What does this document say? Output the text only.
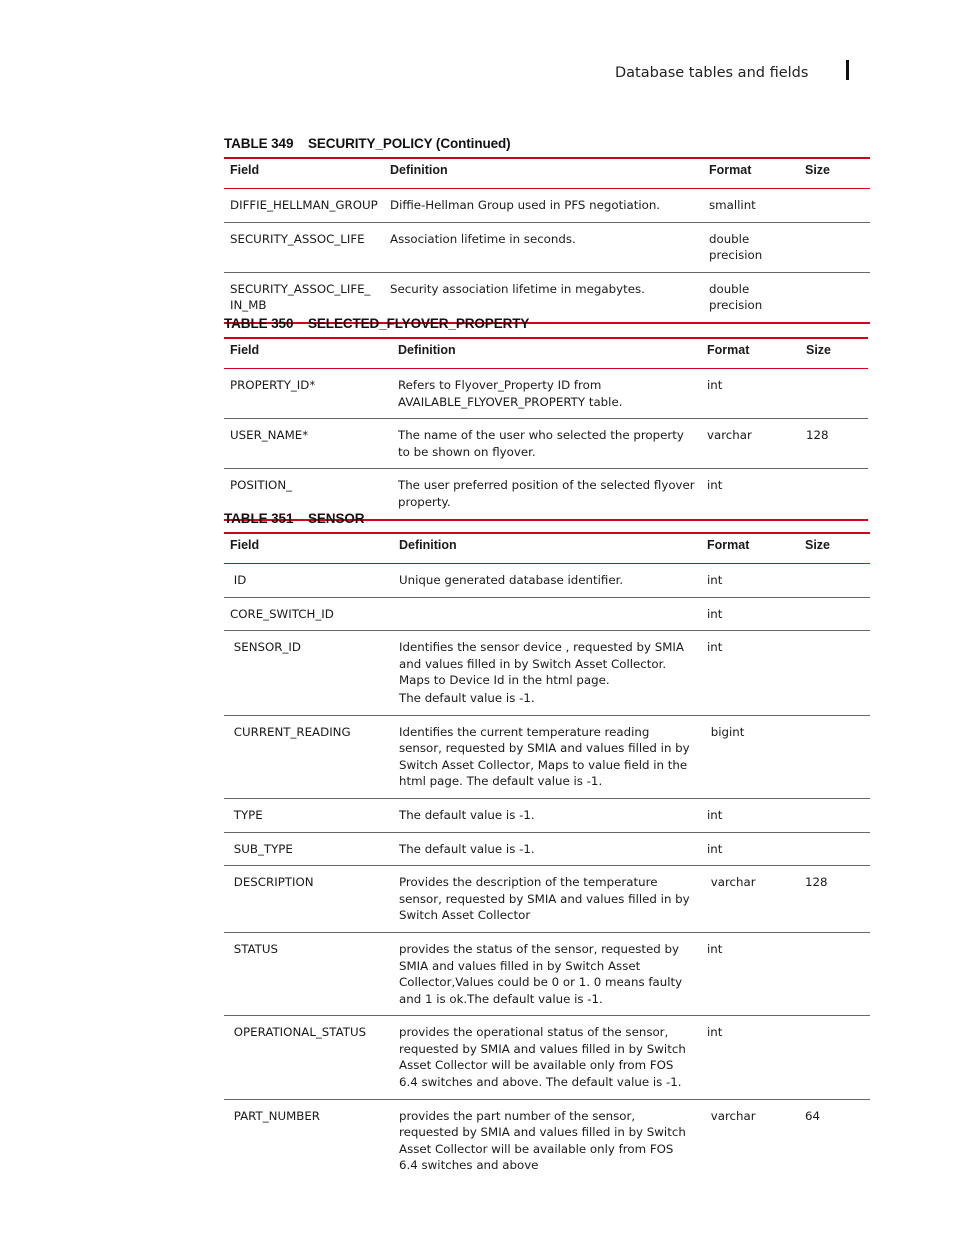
Database tables and fields
TABLE 349 SECURITY_POLICY (Continued)
Field	Definition	Format	Size
DIFFIE_HELLMAN_GROUP	Diffie-Hellman Group used in PFS negotiation.	smallint	
SECURITY_ASSOC_LIFE	Association lifetime in seconds.	double
precision	
SECURITY_ASSOC_LIFE_
IN_MB	Security association lifetime in megabytes.	double
precision	
TABLE 350 SELECTED_FLYOVER_PROPERTY
Field	Definition	Format	Size
PROPERTY_ID*	Refers to Flyover_Property ID from AVAILABLE_FLYOVER_PROPERTY table.	int	
USER_NAME*	The name of the user who selected the property to be shown on flyover.	varchar	128
POSITION_	The user preferred position of the selected flyover property.	int	
TABLE 351 SENSOR
Field	Definition	Format	Size
ID	Unique generated database identifier.	int	
CORE_SWITCH_ID		int	
SENSOR_ID	Identifies the sensor device , requested by SMIA and values filled in by Switch Asset Collector. Maps to Device Id in the html page.

The default value is -1.	int	
CURRENT_READING	Identifies the current temperature reading sensor, requested by SMIA and values filled in by Switch Asset Collector, Maps to value field in the html page. The default value is -1.	bigint	
TYPE	The default value is -1.	int	
SUB_TYPE	The default value is -1.	int	
DESCRIPTION	Provides the description of the temperature sensor, requested by SMIA and values filled in by Switch Asset Collector	varchar	128
STATUS	provides the status of the sensor, requested by SMIA and values filled in by Switch Asset Collector,Values could be 0 or 1. 0 means faulty and 1 is ok.The default value is -1.	int	
OPERATIONAL_STATUS	provides the operational status of the sensor, requested by SMIA and values filled in by Switch Asset Collector will be available only from FOS 6.4 switches and above. The default value is -1.	int	
PART_NUMBER	provides the part number of the sensor, requested by SMIA and values filled in by Switch Asset Collector will be available only from FOS 6.4 switches and above	varchar	64
